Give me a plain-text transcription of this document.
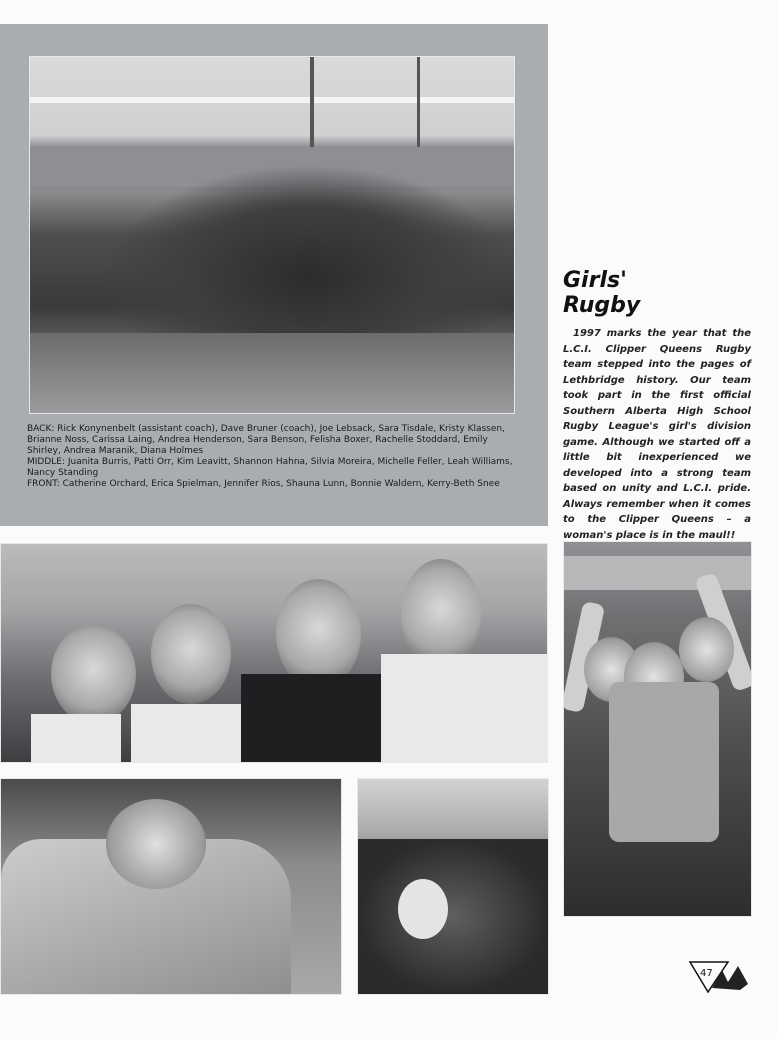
BACK: Rick Konynenbelt (assistant coach), Dave Bruner (coach), Joe Lebsack, Sara Tisdale, Kristy Klassen, Brianne Noss, Carissa Laing, Andrea Henderson, Sara Benson, Felisha Boxer, Rachelle Stoddard, Emily Shirley, Andrea Maranik, Diana Holmes

MIDDLE: Juanita Burris, Patti Orr, Kim Leavitt, Shannon Hahna, Silvia Moreira, Michelle Feller, Leah Williams, Nancy Standing

FRONT: Catherine Orchard, Erica Spielman, Jennifer Rios, Shauna Lunn, Bonnie Waldern, Kerry-Beth Snee

Girls'
Rugby

1997 marks the year that the L.C.I. Clipper Queens Rugby team stepped into the pages of Lethbridge history. Our team took part in the first official Southern Alberta High School Rugby League's girl's division game. Although we started off a little bit inexperienced we developed into a strong team based on unity and L.C.I. pride. Always remember when it comes to the Clipper Queens – a woman's place is in the maul!!

47
